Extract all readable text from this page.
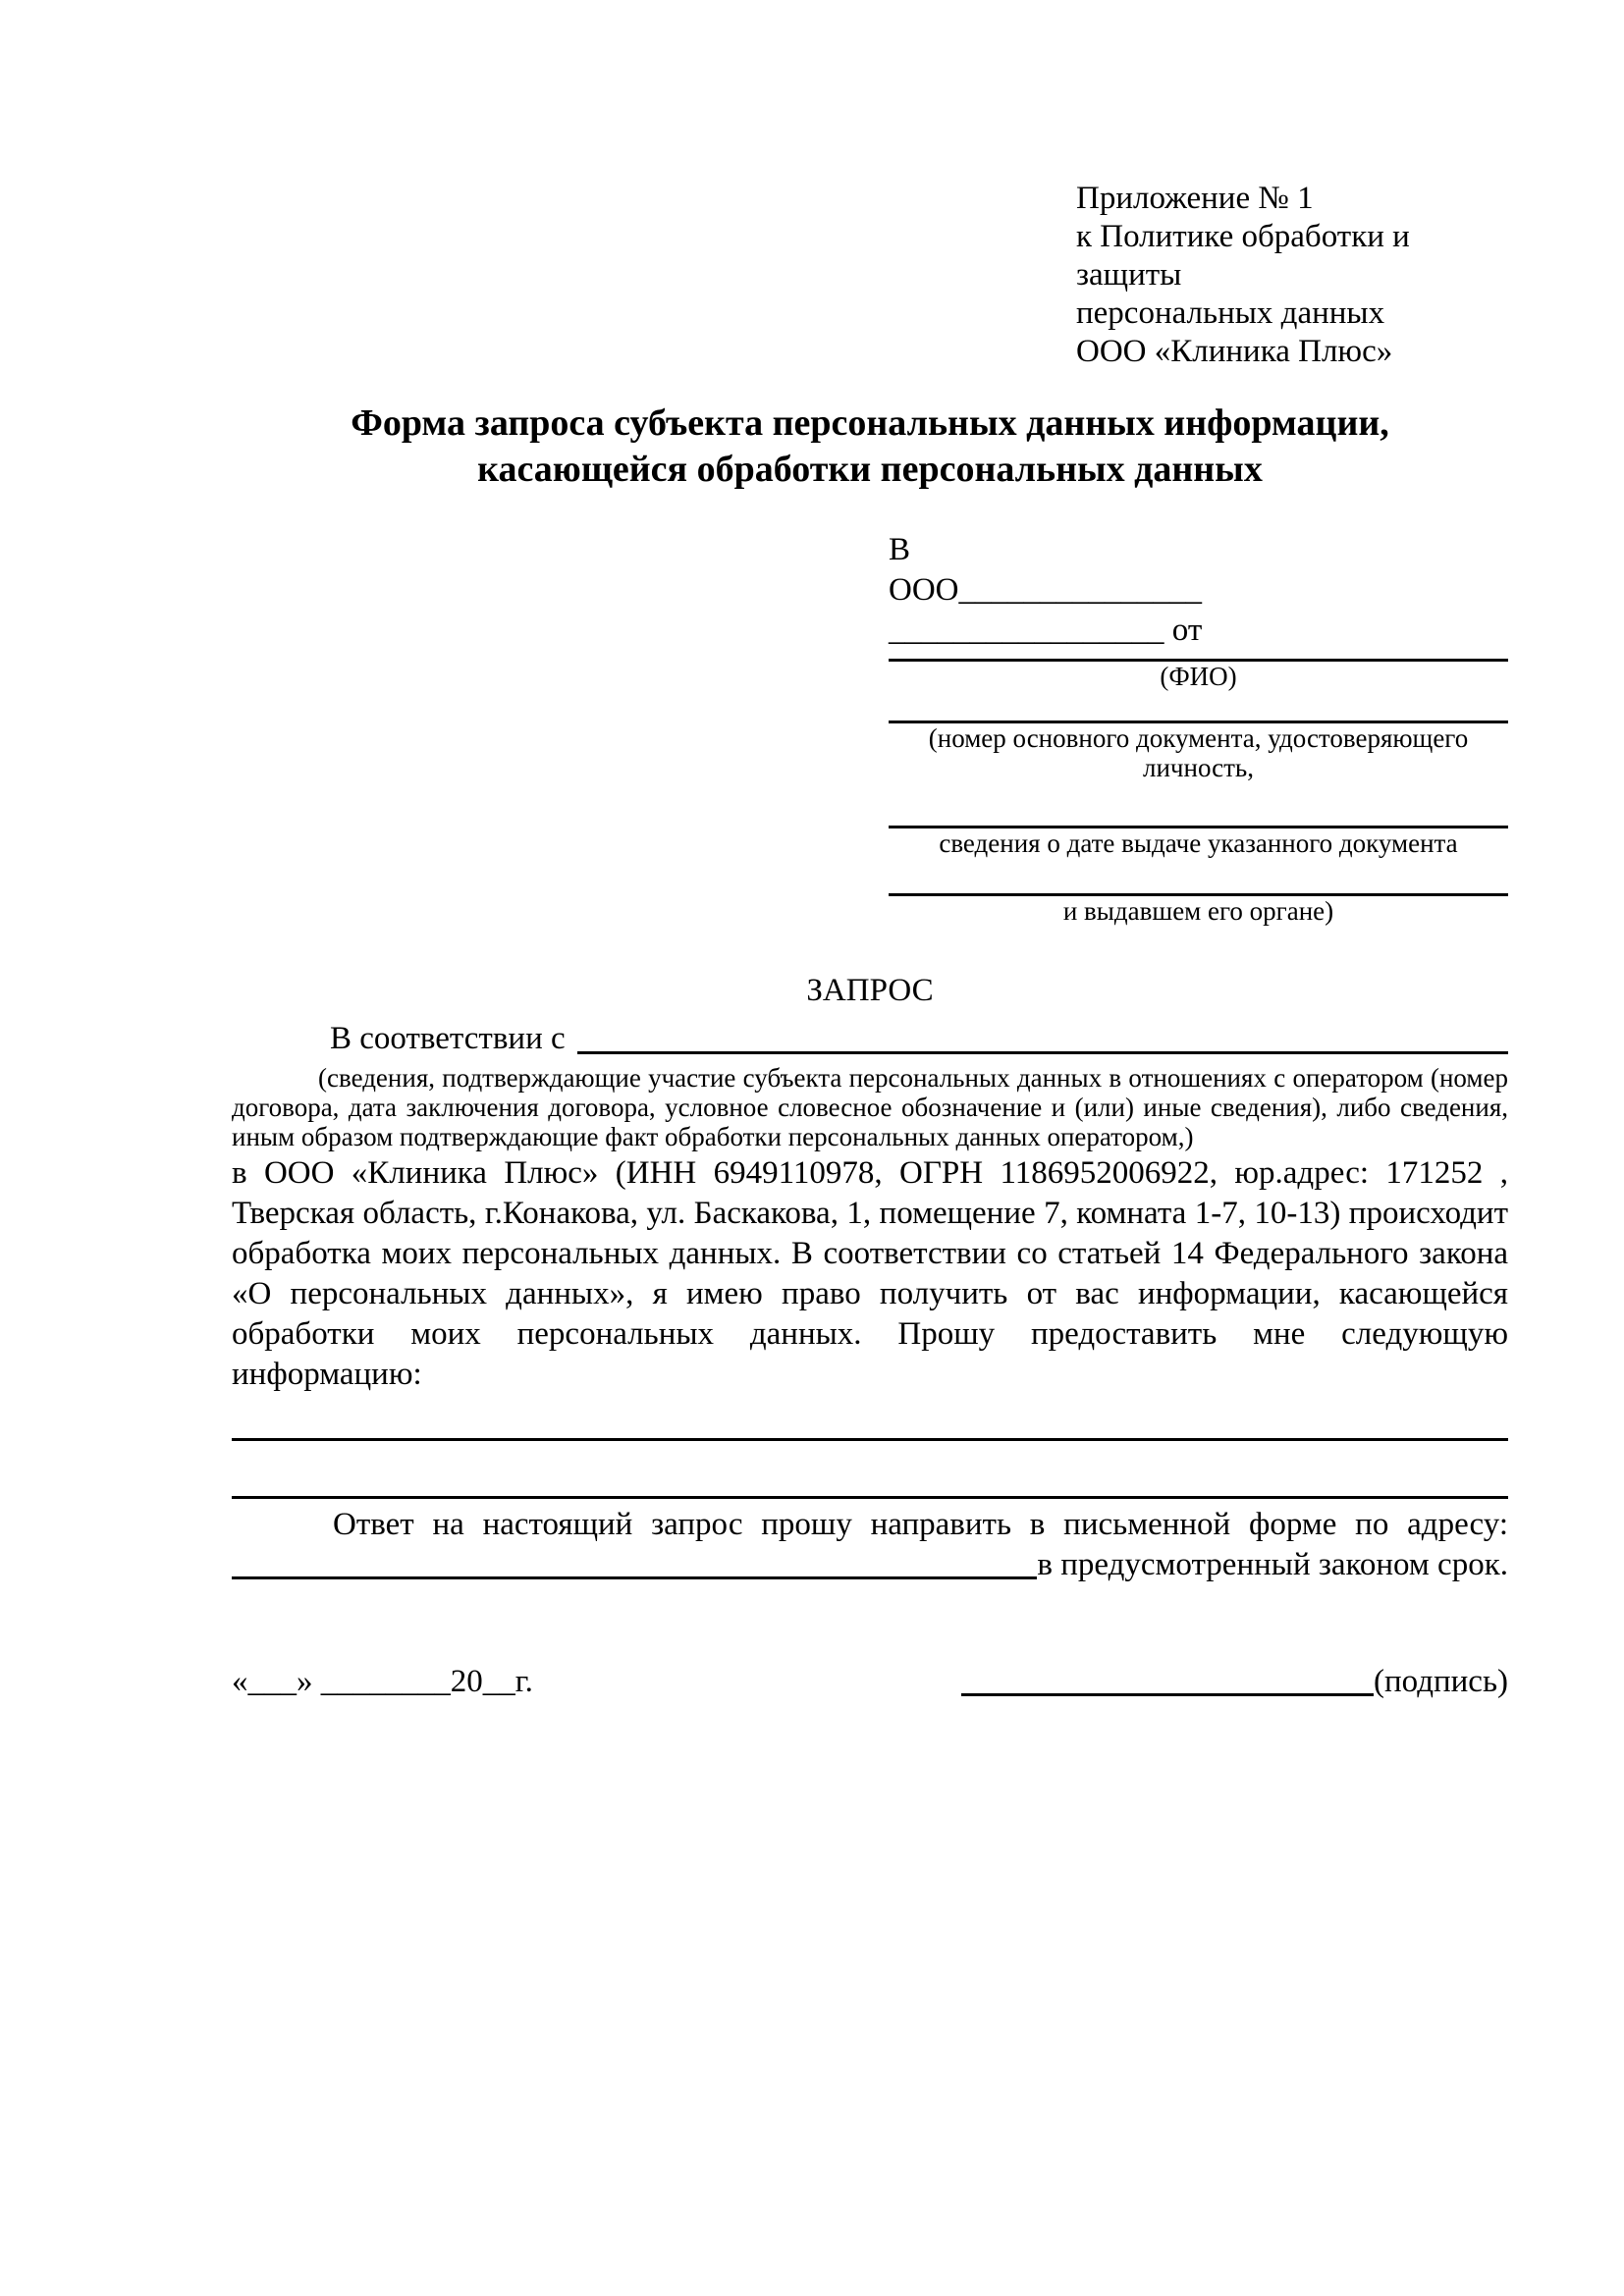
Приложение № 1
к Политике обработки и защиты
персональных данных
ООО «Клиника Плюс»
Форма запроса субъекта персональных данных информации,
касающейся обработки персональных данных
В
ООО_______________
_________________ от
(ФИО)
(номер основного документа, удостоверяющего личность,
сведения о дате выдаче указанного документа
и выдавшем его органе)
ЗАПРОС
В соответствии с

(сведения, подтверждающие участие субъекта персональных данных в отношениях с оператором (номер договора, дата заключения договора, условное словесное обозначение и (или) иные сведения), либо сведения, иным образом подтверждающие факт обработки персональных данных оператором,)

в ООО «Клиника Плюс» (ИНН 6949110978, ОГРН 1186952006922, юр.адрес: 171252 , Тверская область, г.Конакова, ул. Баскакова, 1, помещение 7, комната 1-7, 10-13) происходит обработка моих персональных данных. В соответствии со статьей 14 Федерального закона «О персональных данных», я имею право получить от вас информации, касающейся обработки моих персональных данных. Прошу предоставить мне следующую информацию:

Ответ на настоящий запрос прошу направить в письменной форме по адресу:

в предусмотренный законом срок.
«___» ________20__г.	(подпись)
